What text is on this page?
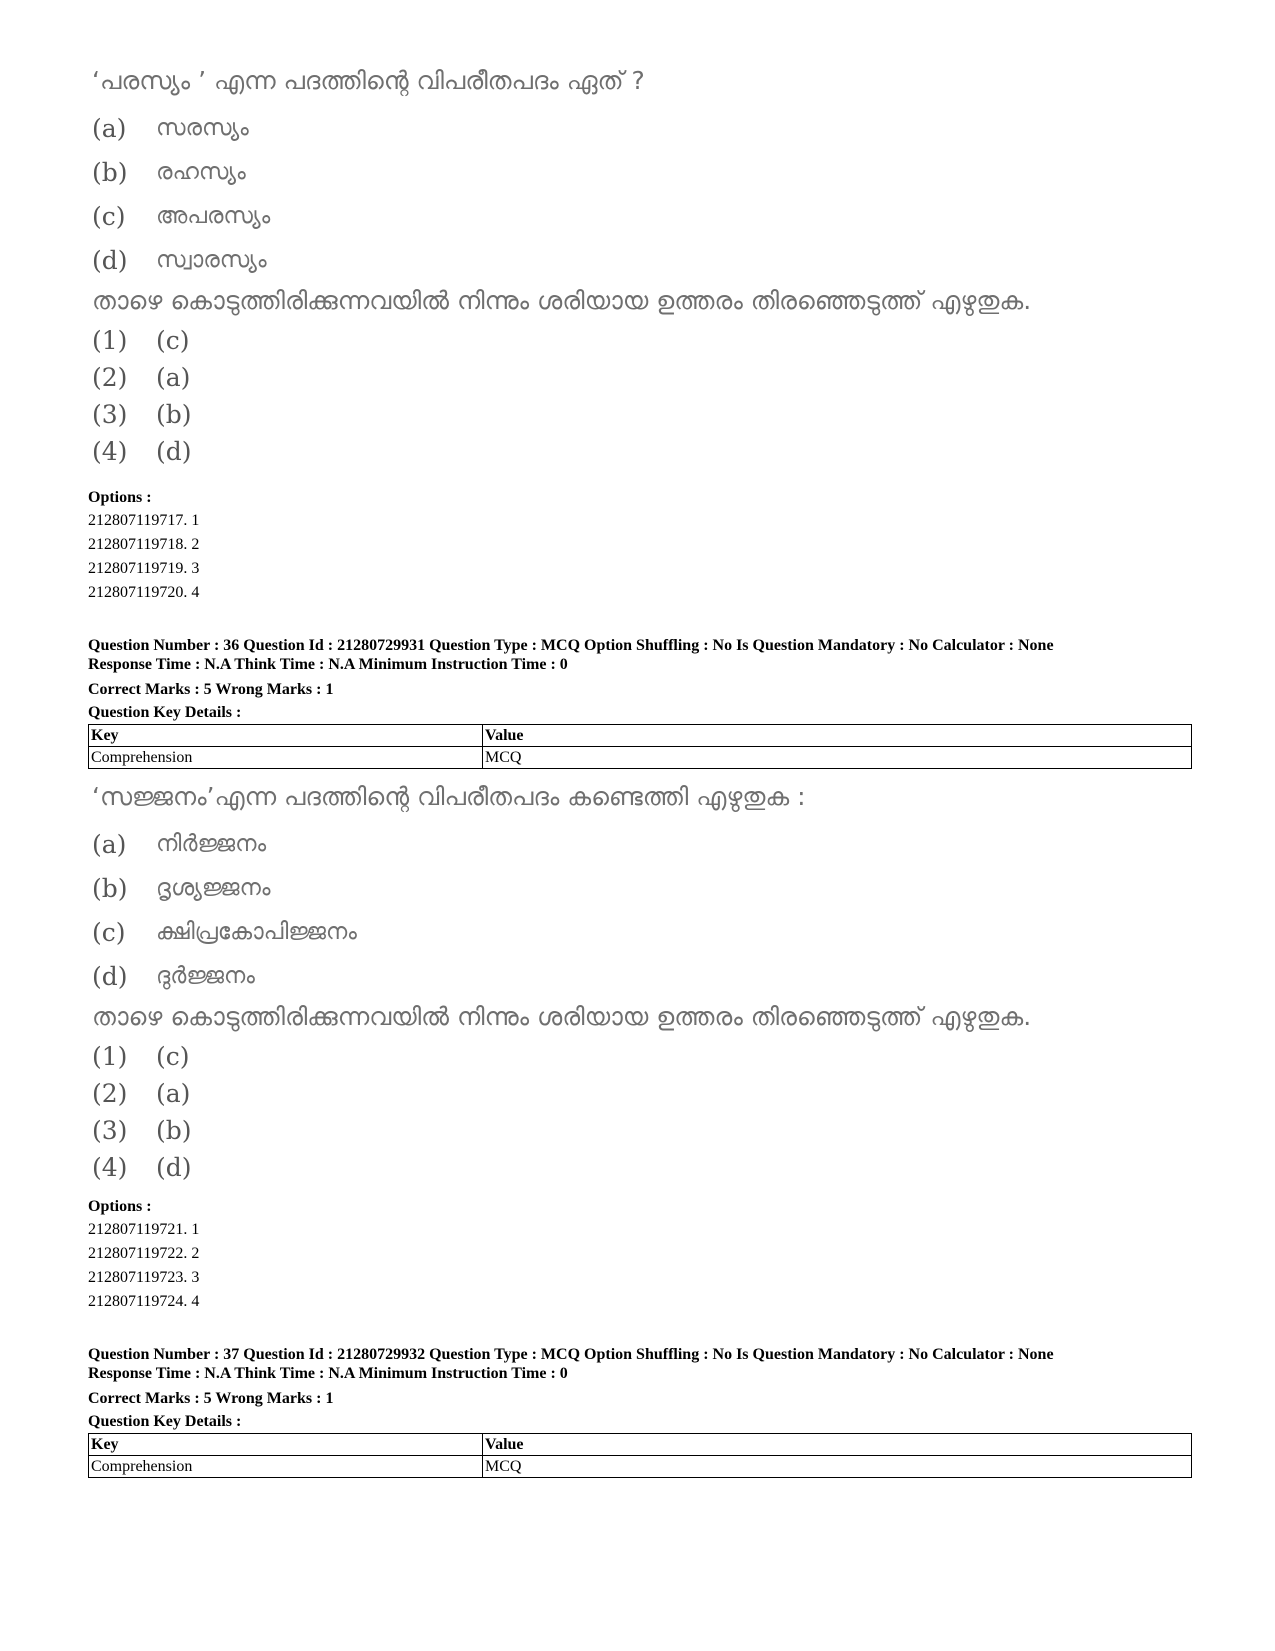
‘പരസ്യം ’ എന്ന പദത്തിന്റെ വിപരീതപദം ഏത് ?
(a)	സരസ്യം
(b)	രഹസ്യം
(c)	അപരസ്യം
(d)	സ്വാരസ്യം
താഴെ കൊടുത്തിരിക്കുന്നവയിൽ നിന്നും ശരിയായ ഉത്തരം തിരഞ്ഞെടുത്ത് എഴുതുക.
(1)	(c)
(2)	(a)
(3)	(b)
(4)	(d)
Options :
212807119717. 1
212807119718. 2
212807119719. 3
212807119720. 4
Question Number : 36 Question Id : 21280729931 Question Type : MCQ Option Shuffling : No Is Question Mandatory : No Calculator : None
Response Time : N.A Think Time : N.A Minimum Instruction Time : 0
Correct Marks : 5 Wrong Marks : 1
Question Key Details :
Key	Value
Comprehension	MCQ
‘സജ്ജനം’എന്ന പദത്തിന്റെ വിപരീതപദം കണ്ടെത്തി എഴുതുക :
(a)	നിർജ്ജനം
(b)	ദൃശ്യജ്ജനം
(c)	ക്ഷിപ്രകോപിജ്ജനം
(d)	ദുർജ്ജനം
താഴെ കൊടുത്തിരിക്കുന്നവയിൽ നിന്നും ശരിയായ ഉത്തരം തിരഞ്ഞെടുത്ത് എഴുതുക.
(1)	(c)
(2)	(a)
(3)	(b)
(4)	(d)
Options :
212807119721. 1
212807119722. 2
212807119723. 3
212807119724. 4
Question Number : 37 Question Id : 21280729932 Question Type : MCQ Option Shuffling : No Is Question Mandatory : No Calculator : None
Response Time : N.A Think Time : N.A Minimum Instruction Time : 0
Correct Marks : 5 Wrong Marks : 1
Question Key Details :
Key	Value
Comprehension	MCQ
